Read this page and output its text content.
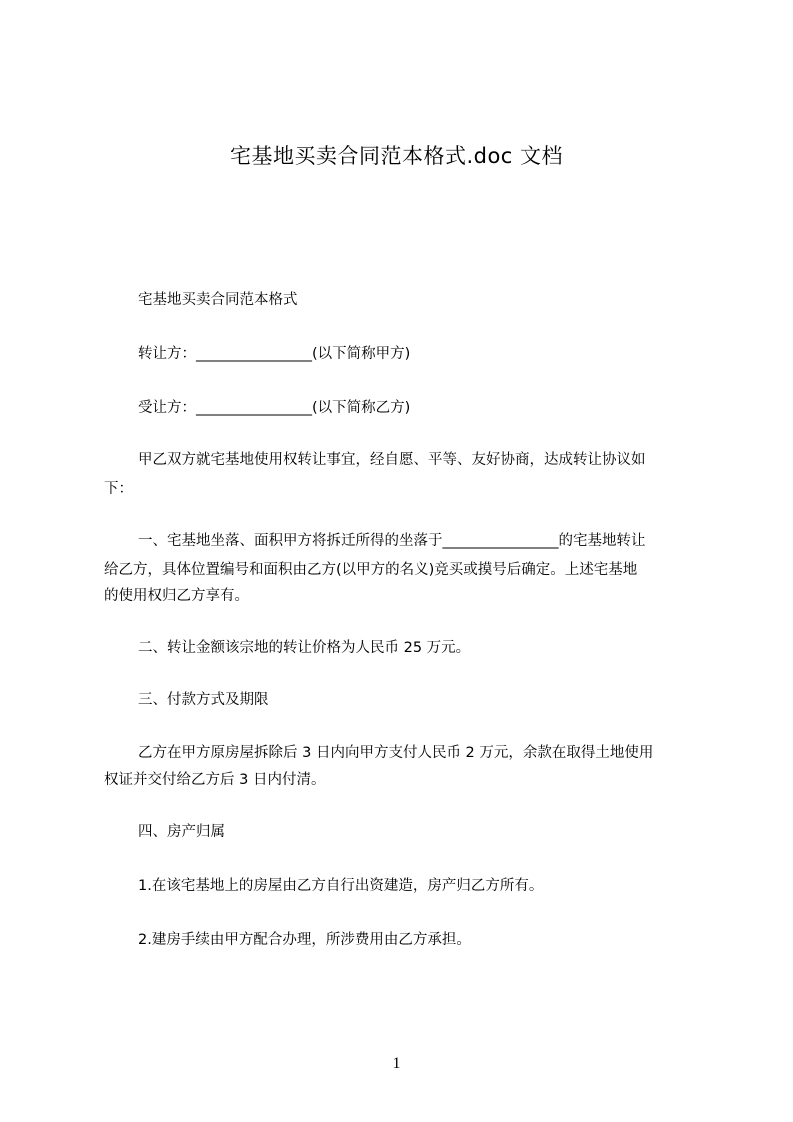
宅基地买卖合同范本格式.doc 文档
宅基地买卖合同范本格式
转让方：________________(以下简称甲方)
受让方：________________(以下简称乙方)
甲乙双方就宅基地使用权转让事宜，经自愿、平等、友好协商，达成转让协议如
下：
一、宅基地坐落、面积甲方将拆迁所得的坐落于________________的宅基地转让
给乙方，具体位置编号和面积由乙方(以甲方的名义)竞买或摸号后确定。上述宅基地
的使用权归乙方享有。
二、转让金额该宗地的转让价格为人民币 25 万元。
三、付款方式及期限
乙方在甲方原房屋拆除后 3 日内向甲方支付人民币 2 万元，余款在取得土地使用
权证并交付给乙方后 3 日内付清。
四、房产归属
1.在该宅基地上的房屋由乙方自行出资建造，房产归乙方所有。
2.建房手续由甲方配合办理，所涉费用由乙方承担。
1
